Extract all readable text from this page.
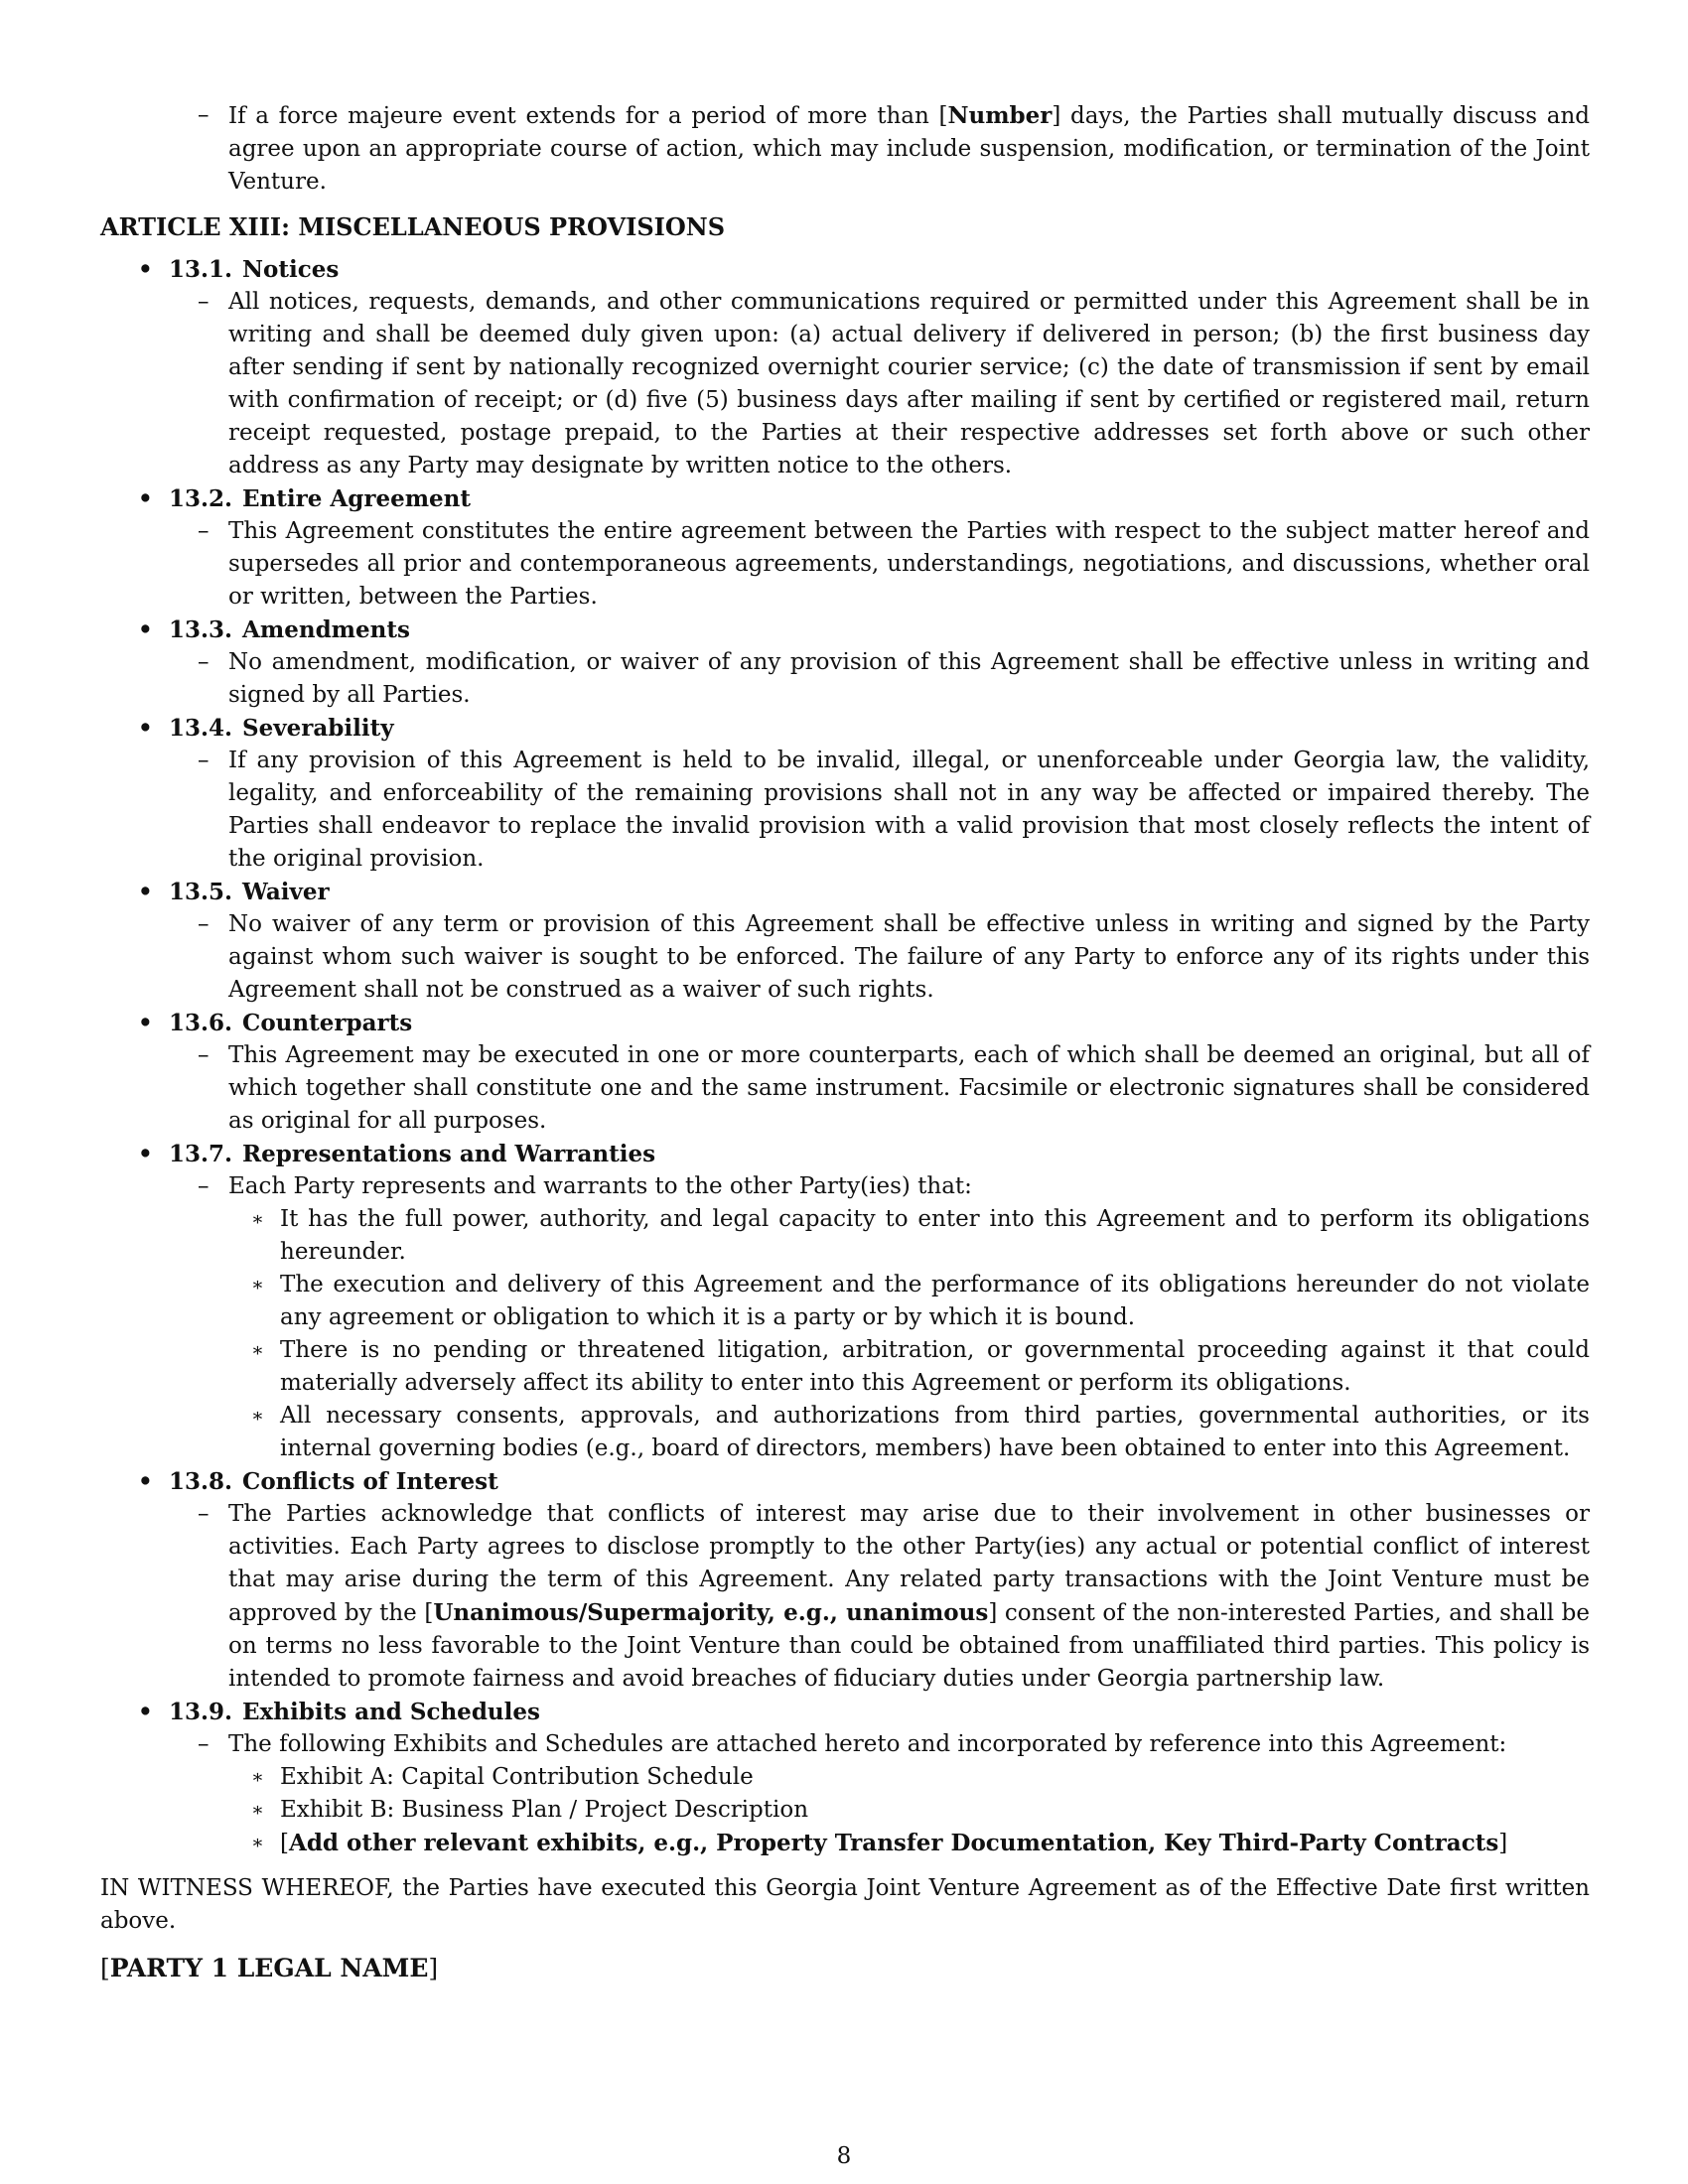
– If a force majeure event extends for a period of more than [Number] days, the Parties shall mutually discuss and agree upon an appropriate course of action, which may include suspension, modification, or termination of the Joint Venture.
ARTICLE XIII: MISCELLANEOUS PROVISIONS
• 13.1. Notices
– All notices, requests, demands, and other communications required or permitted under this Agreement shall be in writing and shall be deemed duly given upon: (a) actual delivery if delivered in person; (b) the first business day after sending if sent by nationally recognized overnight courier service; (c) the date of transmission if sent by email with confirmation of receipt; or (d) five (5) business days after mailing if sent by certified or registered mail, return receipt requested, postage prepaid, to the Parties at their respective addresses set forth above or such other address as any Party may designate by written notice to the others.
• 13.2. Entire Agreement
– This Agreement constitutes the entire agreement between the Parties with respect to the subject matter hereof and supersedes all prior and contemporaneous agreements, understandings, negotiations, and discussions, whether oral or written, between the Parties.
• 13.3. Amendments
– No amendment, modification, or waiver of any provision of this Agreement shall be effective unless in writing and signed by all Parties.
• 13.4. Severability
– If any provision of this Agreement is held to be invalid, illegal, or unenforceable under Georgia law, the validity, legality, and enforceability of the remaining provisions shall not in any way be affected or impaired thereby. The Parties shall endeavor to replace the invalid provision with a valid provision that most closely reflects the intent of the original provision.
• 13.5. Waiver
– No waiver of any term or provision of this Agreement shall be effective unless in writing and signed by the Party against whom such waiver is sought to be enforced. The failure of any Party to enforce any of its rights under this Agreement shall not be construed as a waiver of such rights.
• 13.6. Counterparts
– This Agreement may be executed in one or more counterparts, each of which shall be deemed an original, but all of which together shall constitute one and the same instrument. Facsimile or electronic signatures shall be considered as original for all purposes.
• 13.7. Representations and Warranties
– Each Party represents and warrants to the other Party(ies) that:
∗ It has the full power, authority, and legal capacity to enter into this Agreement and to perform its obligations hereunder.
∗ The execution and delivery of this Agreement and the performance of its obligations hereunder do not violate any agreement or obligation to which it is a party or by which it is bound.
∗ There is no pending or threatened litigation, arbitration, or governmental proceeding against it that could materially adversely affect its ability to enter into this Agreement or perform its obligations.
∗ All necessary consents, approvals, and authorizations from third parties, governmental authorities, or its internal governing bodies (e.g., board of directors, members) have been obtained to enter into this Agreement.
• 13.8. Conflicts of Interest
– The Parties acknowledge that conflicts of interest may arise due to their involvement in other businesses or activities. Each Party agrees to disclose promptly to the other Party(ies) any actual or potential conflict of interest that may arise during the term of this Agreement. Any related party transactions with the Joint Venture must be approved by the [Unanimous/Supermajority, e.g., unanimous] consent of the non-interested Parties, and shall be on terms no less favorable to the Joint Venture than could be obtained from unaffiliated third parties. This policy is intended to promote fairness and avoid breaches of fiduciary duties under Georgia partnership law.
• 13.9. Exhibits and Schedules
– The following Exhibits and Schedules are attached hereto and incorporated by reference into this Agreement:
∗ Exhibit A: Capital Contribution Schedule
∗ Exhibit B: Business Plan / Project Description
∗ [Add other relevant exhibits, e.g., Property Transfer Documentation, Key Third-Party Contracts]
IN WITNESS WHEREOF, the Parties have executed this Georgia Joint Venture Agreement as of the Effective Date first written above.
[PARTY 1 LEGAL NAME]
8
